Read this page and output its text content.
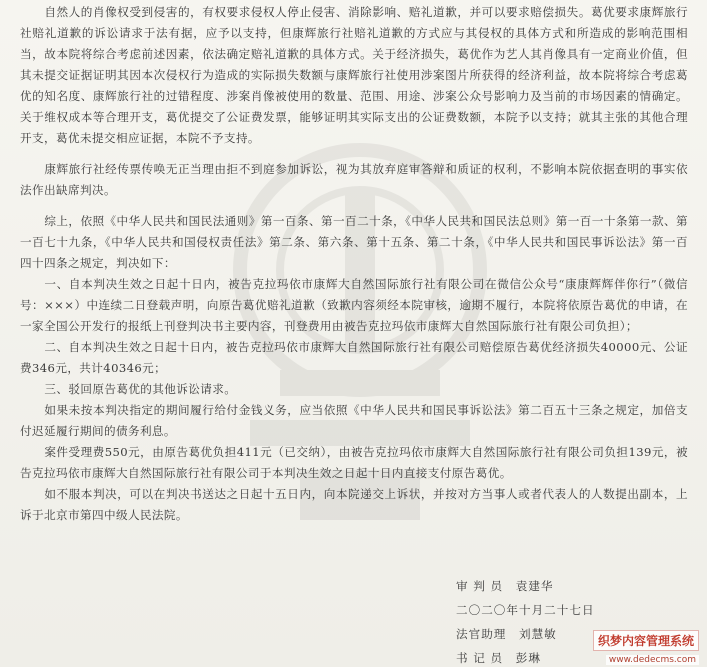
自然人的肖像权受到侵害的，有权要求侵权人停止侵害、消除影响、赔礼道歉，并可以要求赔偿损失。葛优要求康辉旅行社赔礼道歉的诉讼请求于法有据，应予以支持，但康辉旅行社赔礼道歉的方式应与其侵权的具体方式和所造成的影响范围相当，故本院将综合考虑前述因素，依法确定赔礼道歉的具体方式。关于经济损失，葛优作为艺人其肖像具有一定商业价值，但其未提交证据证明其因本次侵权行为造成的实际损失数额与康辉旅行社使用涉案图片所获得的经济利益，故本院将综合考虑葛优的知名度、康辉旅行社的过错程度、涉案肖像被使用的数量、范围、用途、涉案公众号影响力及当前的市场因素的情确定。关于维权成本等合理开支，葛优提交了公证费发票，能够证明其实际支出的公证费数额，本院予以支持；就其主张的其他合理开支，葛优未提交相应证据，本院不予支持。

康辉旅行社经传票传唤无正当理由拒不到庭参加诉讼，视为其放弃庭审答辩和质证的权利，不影响本院依据查明的事实依法作出缺席判决。

综上，依照《中华人民共和国民法通则》第一百条、第一百二十条，《中华人民共和国民法总则》第一百一十条第一款、第一百七十九条，《中华人民共和国侵权责任法》第二条、第六条、第十五条、第二十条，《中华人民共和国民事诉讼法》第一百四十四条之规定，判决如下：

一、自本判决生效之日起十日内，被告克拉玛依市康辉大自然国际旅行社有限公司在微信公众号“康康辉辉伴你行”（微信号：×××）中连续二日登载声明，向原告葛优赔礼道歉（致歉内容须经本院审核，逾期不履行，本院将依原告葛优的申请，在一家全国公开发行的报纸上刊登判决书主要内容，刊登费用由被告克拉玛依市康辉大自然国际旅行社有限公司负担）；

二、自本判决生效之日起十日内，被告克拉玛依市康辉大自然国际旅行社有限公司赔偿原告葛优经济损失40000元、公证费346元，共计40346元；

三、驳回原告葛优的其他诉讼请求。

如果未按本判决指定的期间履行给付金钱义务，应当依照《中华人民共和国民事诉讼法》第二百五十三条之规定，加倍支付迟延履行期间的债务利息。

案件受理费550元，由原告葛优负担411元（已交纳），由被告克拉玛依市康辉大自然国际旅行社有限公司负担139元，被告克拉玛依市康辉大自然国际旅行社有限公司于本判决生效之日起十日内直接支付原告葛优。

如不服本判决，可以在判决书送达之日起十五日内，向本院递交上诉状，并按对方当事人或者代表人的人数提出副本，上诉于北京市第四中级人民法院。

审 判 员　袁建华
二〇二〇年十月二十七日
法官助理　刘慧敏
书 记 员　彭琳
织梦内容管理系统
www.dedecms.com
